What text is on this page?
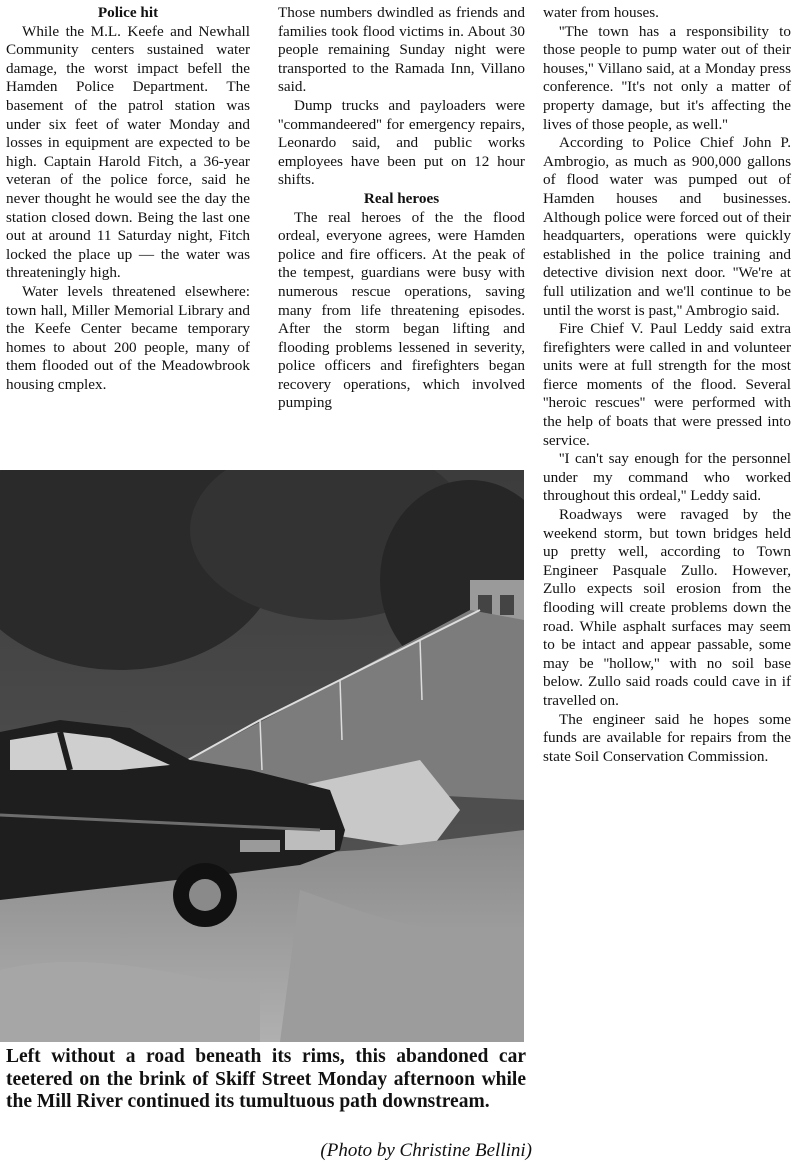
Police hit

While the M.L. Keefe and Newhall Community centers sustained water damage, the worst impact befell the Hamden Police Department. The basement of the patrol station was under six feet of water Monday and losses in equipment are expected to be high. Captain Harold Fitch, a 36-year veteran of the police force, said he never thought he would see the day the station closed down. Being the last one out at around 11 Saturday night, Fitch locked the place up — the water was threateningly high.

Water levels threatened elsewhere: town hall, Miller Memorial Library and the Keefe Center became temporary homes to about 200 people, many of them flooded out of the Meadowbrook housing cmplex.

Those numbers dwindled as friends and families took flood victims in. About 30 people remaining Sunday night were transported to the Ramada Inn, Villano said.

Dump trucks and payloaders were ''commandeered'' for emergency repairs, Leonardo said, and public works employees have been put on 12 hour shifts.

Real heroes

The real heroes of the the flood ordeal, everyone agrees, were Hamden police and fire officers. At the peak of the tempest, guardians were busy with numerous rescue operations, saving many from life threatening episodes. After the storm began lifting and flooding problems lessened in severity, police officers and firefighters began recovery operations, which involved pumping

water from houses.

''The town has a responsibility to those people to pump water out of their houses,'' Villano said, at a Monday press conference. ''It's not only a matter of property damage, but it's affecting the lives of those people, as well.''

According to Police Chief John P. Ambrogio, as much as 900,000 gallons of flood water was pumped out of Hamden houses and businesses. Although police were forced out of their headquarters, operations were quickly established in the police training and detective division next door. ''We're at full utilization and we'll continue to be until the worst is past,'' Ambrogio said.

Fire Chief V. Paul Leddy said extra firefighters were called in and volunteer units were at full strength for the most fierce moments of the flood. Several ''heroic rescues'' were performed with the help of boats that were pressed into service.

''I can't say enough for the personnel under my command who worked throughout this ordeal,'' Leddy said.

Roadways were ravaged by the weekend storm, but town bridges held up pretty well, according to Town Engineer Pasquale Zullo. However, Zullo expects soil erosion from the flooding will create problems down the road. While asphalt surfaces may seem to be intact and appear passable, some may be ''hollow,'' with no soil base below. Zullo said roads could cave in if travelled on.

The engineer said he hopes some funds are available for repairs from the state Soil Conservation Commission.

Left without a road beneath its rims, this abandoned car teetered on the brink of Skiff Street Monday afternoon while the Mill River continued its tumultuous path downstream.
(Photo by Christine Bellini)
